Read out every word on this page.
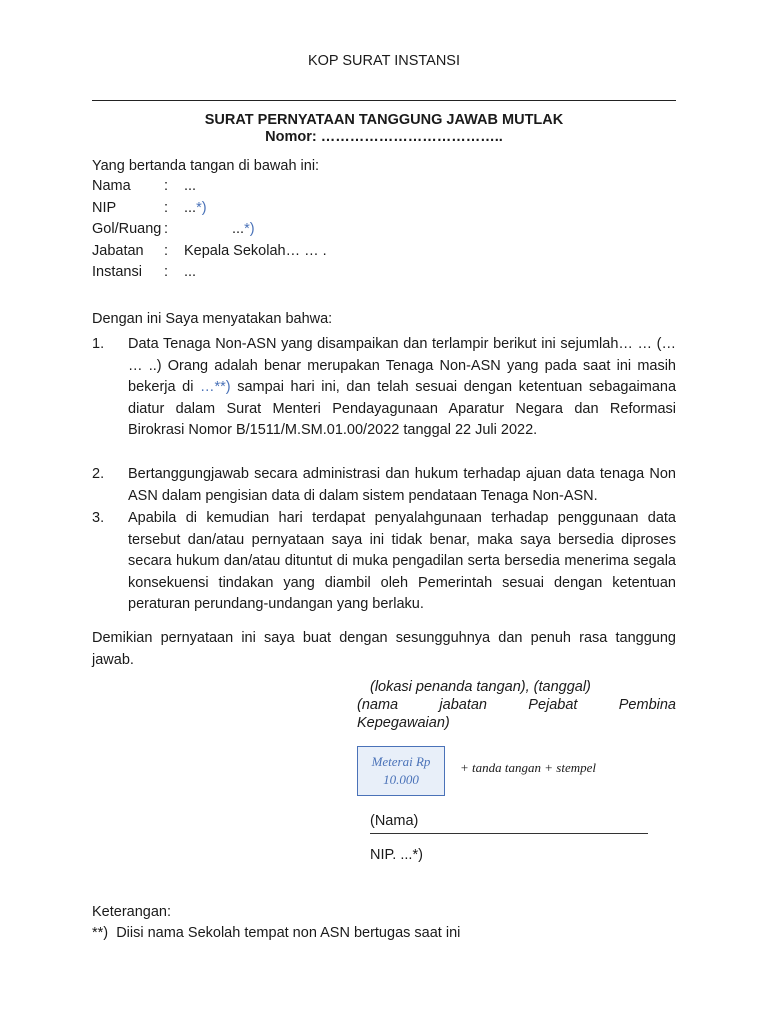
KOP SURAT INSTANSI
SURAT PERNYATAAN TANGGUNG JAWAB MUTLAK
Nomor: ………………………………..
Yang bertanda tangan di bawah ini:
Nama : ...
NIP	: ...*)
Gol/Ruang :	...*)
Jabatan : Kepala Sekolah… … .
Instansi : ...
Dengan ini Saya menyatakan bahwa:
1. Data Tenaga Non-ASN yang disampaikan dan terlampir berikut ini sejumlah… … (… … ..) Orang adalah benar merupakan Tenaga Non-ASN yang pada saat ini masih bekerja di …**) sampai hari ini, dan telah sesuai dengan ketentuan sebagaimana diatur dalam Surat Menteri Pendayagunaan Aparatur Negara dan Reformasi Birokrasi Nomor B/1511/M.SM.01.00/2022 tanggal 22 Juli 2022.
2. Bertanggungjawab secara administrasi dan hukum terhadap ajuan data tenaga Non ASN dalam pengisian data di dalam sistem pendataan Tenaga Non-ASN.
3. Apabila di kemudian hari terdapat penyalahgunaan terhadap penggunaan data tersebut dan/atau pernyataan saya ini tidak benar, maka saya bersedia diproses secara hukum dan/atau dituntut di muka pengadilan serta bersedia menerima segala konsekuensi tindakan yang diambil oleh Pemerintah sesuai dengan ketentuan peraturan perundang-undangan yang berlaku.
Demikian pernyataan ini saya buat dengan sesungguhnya dan penuh rasa tanggung jawab.
(lokasi penanda tangan), (tanggal)
(nama jabatan Pejabat Pembina
Kepegawaian)
Meterai Rp
10.000
+ tanda tangan + stempel
(Nama)
NIP. ...*)
Keterangan:
**) Diisi nama Sekolah tempat non ASN bertugas saat ini
